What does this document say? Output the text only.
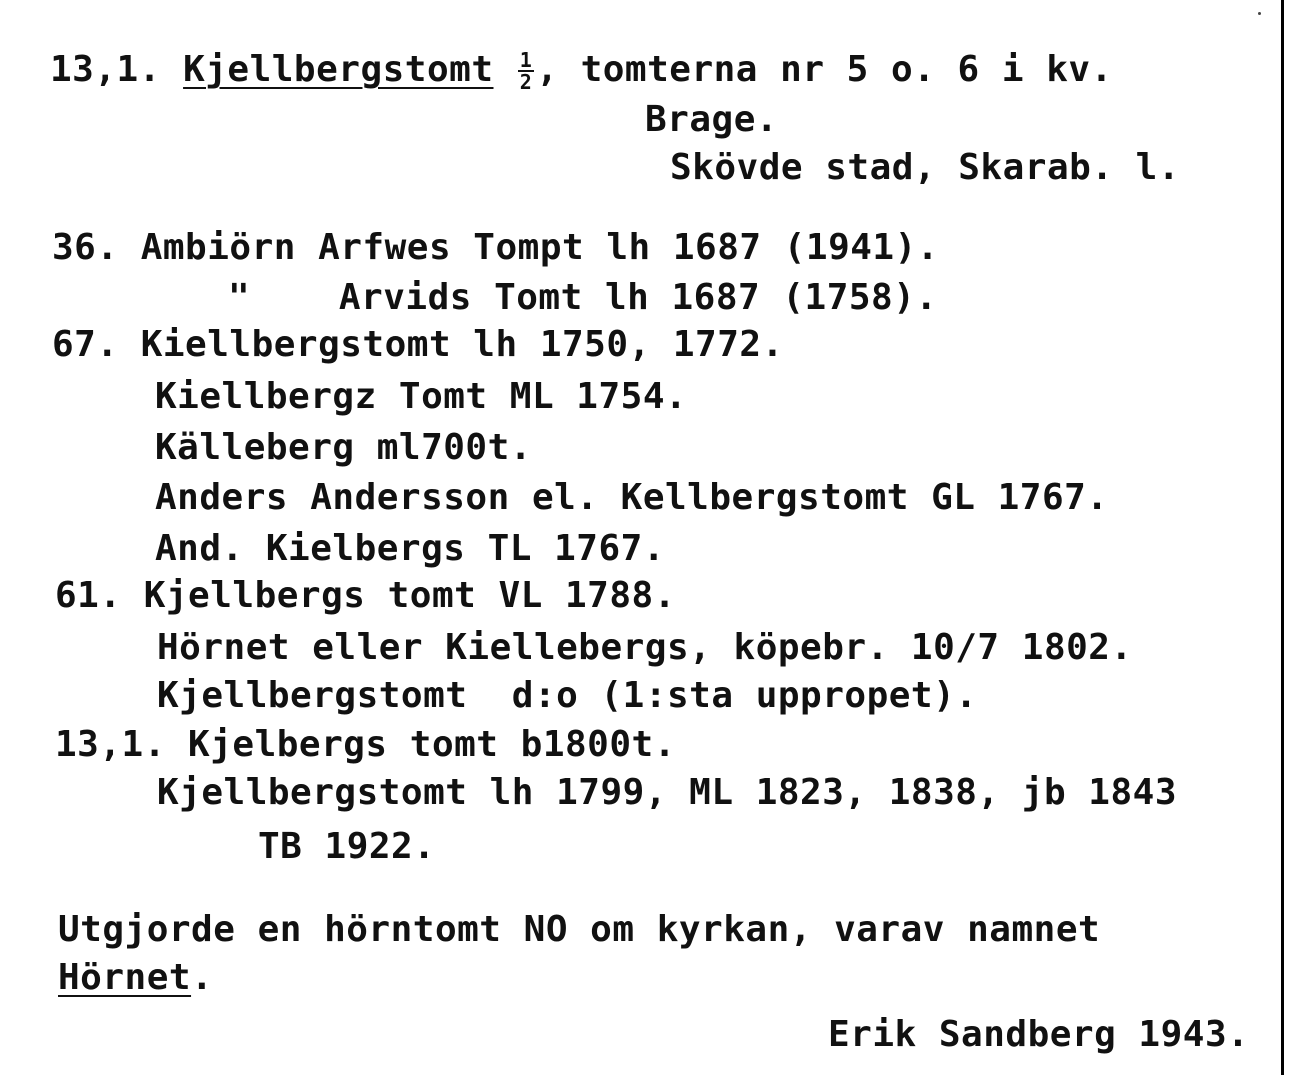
13,1. Kjellbergstomt $\frac{1}{2}$ , tomterna nr 5 o. 6 i kv.
Brage.
Skövde stad, Skarab. l.
36. Ambiörn Arfwes Tompt lh 1687 (1941).
"    Arvids Tomt lh 1687 (1758).
67. Kiellbergstomt lh 1750, 1772.
Kiellbergz Tomt ML 1754.
Källeberg ml700t.
Anders Andersson el. Kellbergstomt GL 1767.
And. Kielbergs TL 1767.
61. Kjellbergs tomt VL 1788.
Hörnet eller Kiellebergs, köpebr. 10/7 1802.
Kjellbergstomt  d:o (1:sta uppropet).
13,1. Kjelbergs tomt b1800t.
Kjellbergstomt lh 1799, ML 1823, 1838, jb 1843
TB 1922.
Utgjorde en hörntomt NO om kyrkan, varav namnet
Hörnet.
Erik Sandberg 1943.
